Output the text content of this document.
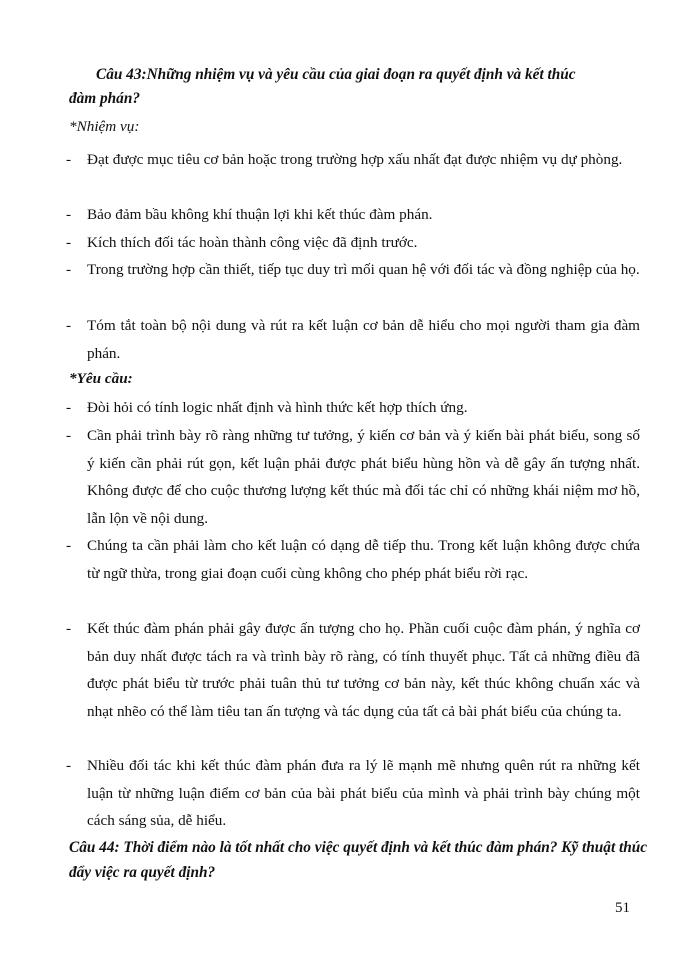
Câu 43:Những nhiệm vụ và yêu cầu của giai đoạn ra quyết định và kết thúc
đàm phán?

*Nhiệm vụ:

- Đạt được mục tiêu cơ bản hoặc trong trường hợp xấu nhất đạt được nhiệm vụ dự phòng.

- Bảo đảm bầu không khí thuận lợi khi kết thúc đàm phán.

- Kích thích đối tác hoàn thành công việc đã định trước.

- Trong trường hợp cần thiết, tiếp tục duy trì mối quan hệ với đối tác và đồng nghiệp của họ.

- Tóm tắt toàn bộ nội dung và rút ra kết luận cơ bản dễ hiểu cho mọi người tham gia đàm phán.

*Yêu cầu:

- Đòi hỏi có tính logic nhất định và hình thức kết hợp thích ứng.

- Cần phải trình bày rõ ràng những tư tưởng, ý kiến cơ bản và ý kiến bài phát biểu, song số ý kiến cần phải rút gọn, kết luận phải được phát biểu hùng hồn và dễ gây ấn tượng nhất. Không được để cho cuộc thương lượng kết thúc mà đối tác chỉ có những khái niệm mơ hồ, lẫn lộn về nội dung.

- Chúng ta cần phải làm cho kết luận có dạng dễ tiếp thu. Trong kết luận không được chứa từ ngữ thừa, trong giai đoạn cuối cùng không cho phép phát biểu rời rạc.

- Kết thúc đàm phán phải gây được ấn tượng cho họ. Phần cuối cuộc đàm phán, ý nghĩa cơ bản duy nhất được tách ra và trình bày rõ ràng, có tính thuyết phục. Tất cả những điều đã được phát biểu từ trước phải tuân thủ tư tưởng cơ bản này, kết thúc không chuẩn xác và nhạt nhẽo có thể làm tiêu tan ấn tượng và tác dụng của tất cả bài phát biểu của chúng ta.

- Nhiều đối tác khi kết thúc đàm phán đưa ra lý lẽ mạnh mẽ nhưng quên rút ra những kết luận từ những luận điểm cơ bản của bài phát biểu của mình và phải trình bày chúng một cách sáng sủa, dễ hiểu.

Câu 44: Thời điểm nào là tốt nhất cho việc quyết định và kết thúc đàm phán? Kỹ thuật thúc đẩy việc ra quyết định?

51
